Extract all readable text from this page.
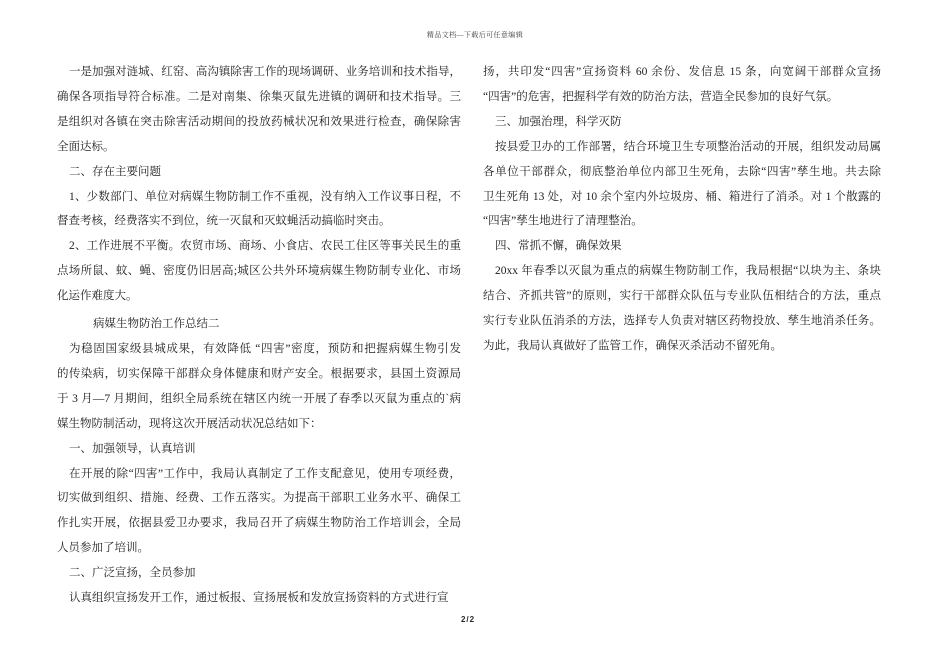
精品文档—下载后可任意编辑
一是加强对涟城、红窑、高沟镇除害工作的现场调研、业务培训和技术指导，
确保各项指导符合标准。二是对南集、徐集灭鼠先进镇的调研和技术指导。三
是组织对各镇在突击除害活动期间的投放药械状况和效果进行检查，确保除害
全面达标。
二、存在主要问题
1、少数部门、单位对病媒生物防制工作不重视，没有纳入工作议事日程，不
督查考核，经费落实不到位，统一灭鼠和灭蚊蝇活动搞临时突击。
2、工作进展不平衡。农贸市场、商场、小食店、农民工住区等事关民生的重
点场所鼠、蚊、蝇、密度仍旧居高;城区公共外环境病媒生物防制专业化、市场
化运作难度大。
病媒生物防治工作总结二
为稳固国家级县城成果，有效降低 “四害”密度，预防和把握病媒生物引发
的传染病，切实保障干部群众身体健康和财产安全。根据要求，县国土资源局
于 3 月—7 月期间，组织全局系统在辖区内统一开展了春季以灭鼠为重点的`病
媒生物防制活动，现将这次开展活动状况总结如下：
一、加强领导，认真培训
在开展的除“四害”工作中，我局认真制定了工作支配意见，使用专项经费，
切实做到组织、措施、经费、工作五落实。为提高干部职工业务水平、确保工
作扎实开展，依据县爱卫办要求，我局召开了病媒生物防治工作培训会，全局
人员参加了培训。
二、广泛宣扬，全员参加
认真组织宣扬发开工作，通过板报、宣扬展板和发放宣扬资料的方式进行宣
扬，共印发“四害”宣扬资料 60 余份、发信息 15 条，向宽阔干部群众宣扬
“四害”的危害，把握科学有效的防治方法，营造全民参加的良好气氛。
三、加强治理，科学灭防
按县爱卫办的工作部署，结合环境卫生专项整治活动的开展，组织发动局属
各单位干部群众，彻底整治单位内部卫生死角，去除“四害”孳生地。共去除
卫生死角 13 处，对 10 余个室内外垃圾房、桶、箱进行了消杀。对 1 个散露的
“四害”孳生地进行了清理整治。
四、常抓不懈，确保效果
20xx 年春季以灭鼠为重点的病媒生物防制工作，我局根据“以块为主、条块
结合、齐抓共管”的原则，实行干部群众队伍与专业队伍相结合的方法，重点
实行专业队伍消杀的方法，选择专人负责对辖区药物投放、孳生地消杀任务。
为此，我局认真做好了监管工作，确保灭杀活动不留死角。
2/2
